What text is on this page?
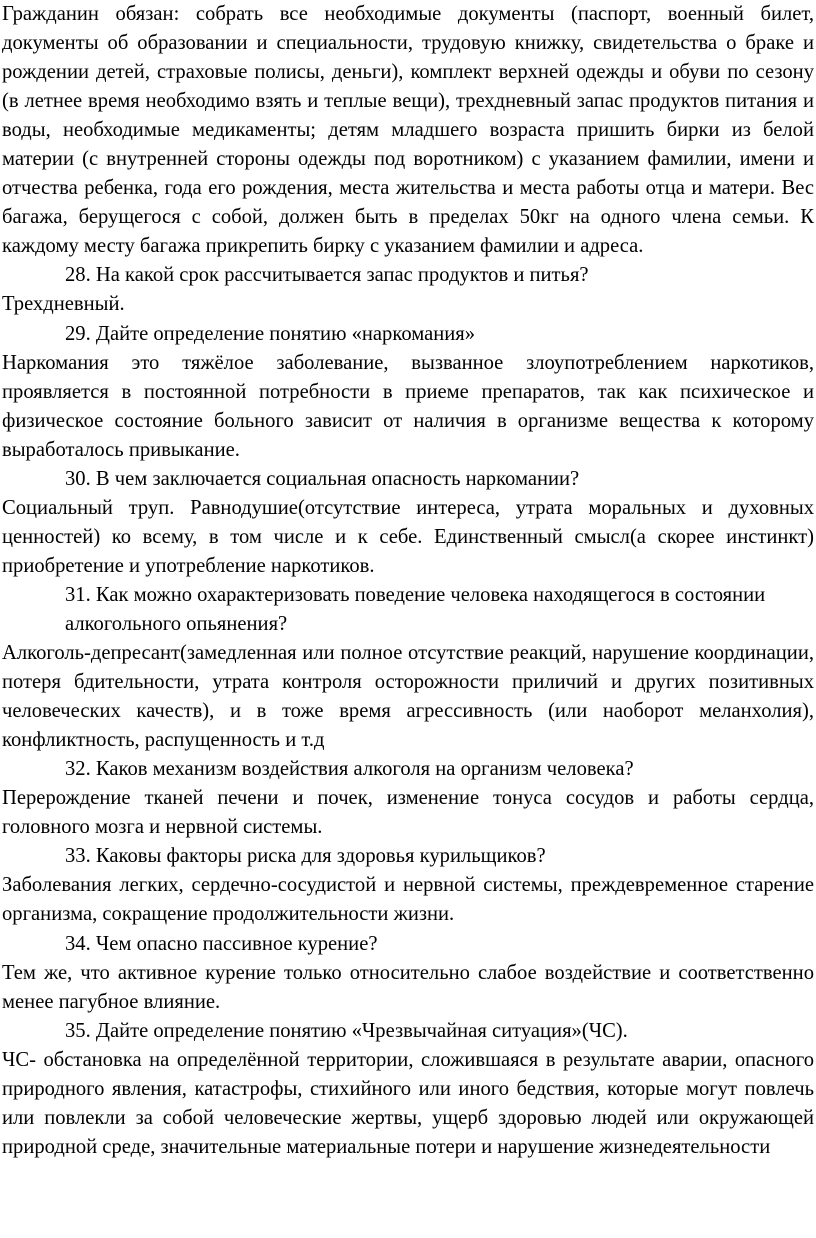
Гражданин обязан: собрать все необходимые документы (паспорт, военный билет, документы об образовании и специальности, трудовую книжку, свидетельства о браке и рождении детей, страховые полисы, деньги), комплект верхней одежды и обуви по сезону (в летнее время необходимо взять и теплые вещи), трехдневный запас продуктов питания и воды, необходимые медикаменты; детям младшего возраста пришить бирки из белой материи (с внутренней стороны одежды под воротником) с указанием фамилии, имени и отчества ребенка, года его рождения, места жительства и места работы отца и матери. Вес багажа, берущегося с собой, должен быть в пределах 50кг на одного члена семьи. К каждому месту багажа прикрепить бирку с указанием фамилии и адреса.

28. На какой срок рассчитывается запас продуктов и питья?

Трехдневный.

29. Дайте определение понятию «наркомания»

Наркомания это тяжёлое заболевание, вызванное злоупотреблением наркотиков, проявляется в постоянной потребности в приеме препаратов, так как психическое и физическое состояние больного зависит от наличия в организме вещества к которому выработалось привыкание.

30. В чем заключается социальная опасность наркомании?

Социальный труп. Равнодушие(отсутствие интереса, утрата моральных и духовных ценностей) ко всему, в том числе и к себе. Единственный смысл(а скорее инстинкт) приобретение и употребление наркотиков.

31. Как можно охарактеризовать поведение человека находящегося в состоянии алкогольного опьянения?

Алкоголь-депресант(замедленная или полное отсутствие реакций, нарушение координации, потеря бдительности, утрата контроля осторожности приличий и других позитивных человеческих качеств), и в тоже время агрессивность (или наоборот меланхолия), конфликтность, распущенность и т.д

32. Каков механизм воздействия алкоголя на организм человека?

Перерождение тканей печени и почек, изменение тонуса сосудов и работы сердца, головного мозга и нервной системы.

33. Каковы факторы риска для здоровья курильщиков?

Заболевания легких, сердечно-сосудистой и нервной системы, преждевременное старение организма, сокращение продолжительности жизни.

34. Чем опасно пассивное курение?

Тем же, что активное курение только относительно слабое воздействие и соответственно менее пагубное влияние.

35. Дайте определение понятию «Чрезвычайная ситуация»(ЧС).

ЧС- обстановка на определённой территории, сложившаяся в результате аварии, опасного природного явления, катастрофы, стихийного или иного бедствия, которые могут повлечь или повлекли за собой человеческие жертвы, ущерб здоровью людей или окружающей природной среде, значительные материальные потери и нарушение жизнедеятельности
